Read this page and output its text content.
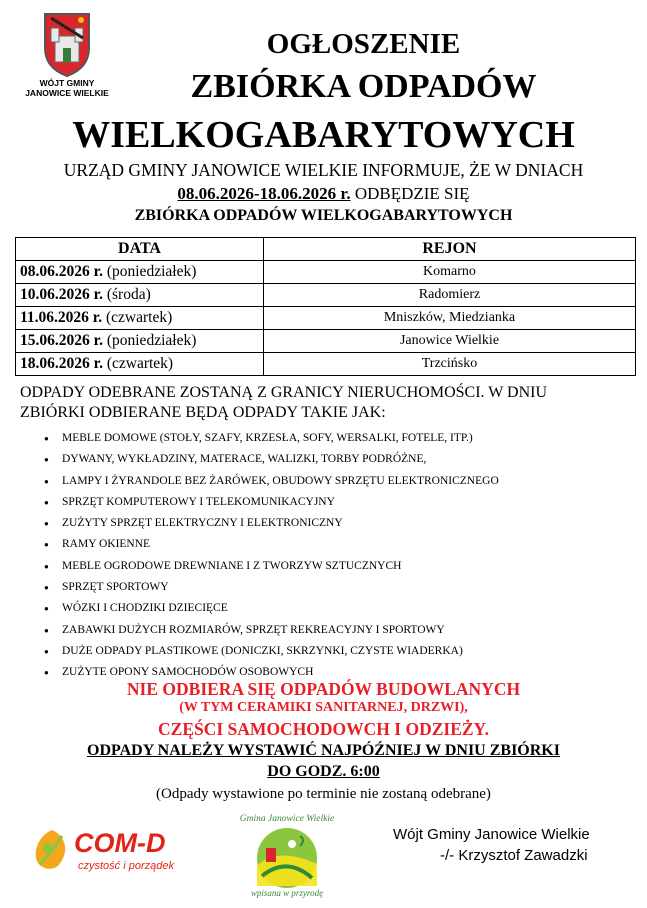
WÓJT GMINY
JANOWICE WIELKIE
OGŁOSZENIE
ZBIÓRKA ODPADÓW
WIELKOGABARYTOWYCH
URZĄD GMINY JANOWICE WIELKIE INFORMUJE, ŻE W DNIACH
08.06.2026-18.06.2026 r. ODBĘDZIE SIĘ
ZBIÓRKA ODPADÓW WIELKOGABARYTOWYCH
DATA	REJON
08.06.2026 r. (poniedziałek)	Komarno
10.06.2026 r. (środa)	Radomierz
11.06.2026 r. (czwartek)	Mniszków, Miedzianka
15.06.2026 r. (poniedziałek)	Janowice Wielkie
18.06.2026 r. (czwartek)	Trzcińsko
ODPADY ODEBRANE ZOSTANĄ Z GRANICY NIERUCHOMOŚCI. W DNIU
ZBIÓRKI ODBIERANE BĘDĄ ODPADY TAKIE JAK:
● MEBLE DOMOWE (STOŁY, SZAFY, KRZESŁA, SOFY, WERSALKI, FOTELE, ITP.)
● DYWANY, WYKŁADZINY, MATERACE, WALIZKI, TORBY PODRÓŻNE,
● LAMPY I ŻYRANDOLE BEZ ŻARÓWEK, OBUDOWY SPRZĘTU ELEKTRONICZNEGO
● SPRZĘT KOMPUTEROWY I TELEKOMUNIKACYJNY
● ZUŻYTY SPRZĘT ELEKTRYCZNY I ELEKTRONICZNY
● RAMY OKIENNE
● MEBLE OGRODOWE DREWNIANE I Z TWORZYW SZTUCZNYCH
● SPRZĘT SPORTOWY
● WÓZKI I CHODZIKI DZIECIĘCE
● ZABAWKI DUŻYCH ROZMIARÓW, SPRZĘT REKREACYJNY I SPORTOWY
● DUŻE ODPADY PLASTIKOWE (DONICZKI, SKRZYNKI, CZYSTE WIADERKA)
● ZUŻYTE OPONY SAMOCHODÓW OSOBOWYCH
NIE ODBIERA SIĘ ODPADÓW BUDOWLANYCH
(W TYM CERAMIKI SANITARNEJ, DRZWI),
CZĘŚCI SAMOCHODOWCH I ODZIEŻY.
ODPADY NALEŻY WYSTAWIĆ NAJPÓŹNIEJ W DNIU ZBIÓRKI
DO GODZ. 6:00
(Odpady wystawione po terminie nie zostaną odebrane)
COM-D
czystość i porządek
Gmina Janowice Wielkie
wpisana w przyrodę
Wójt Gminy Janowice Wielkie
-/- Krzysztof Zawadzki
